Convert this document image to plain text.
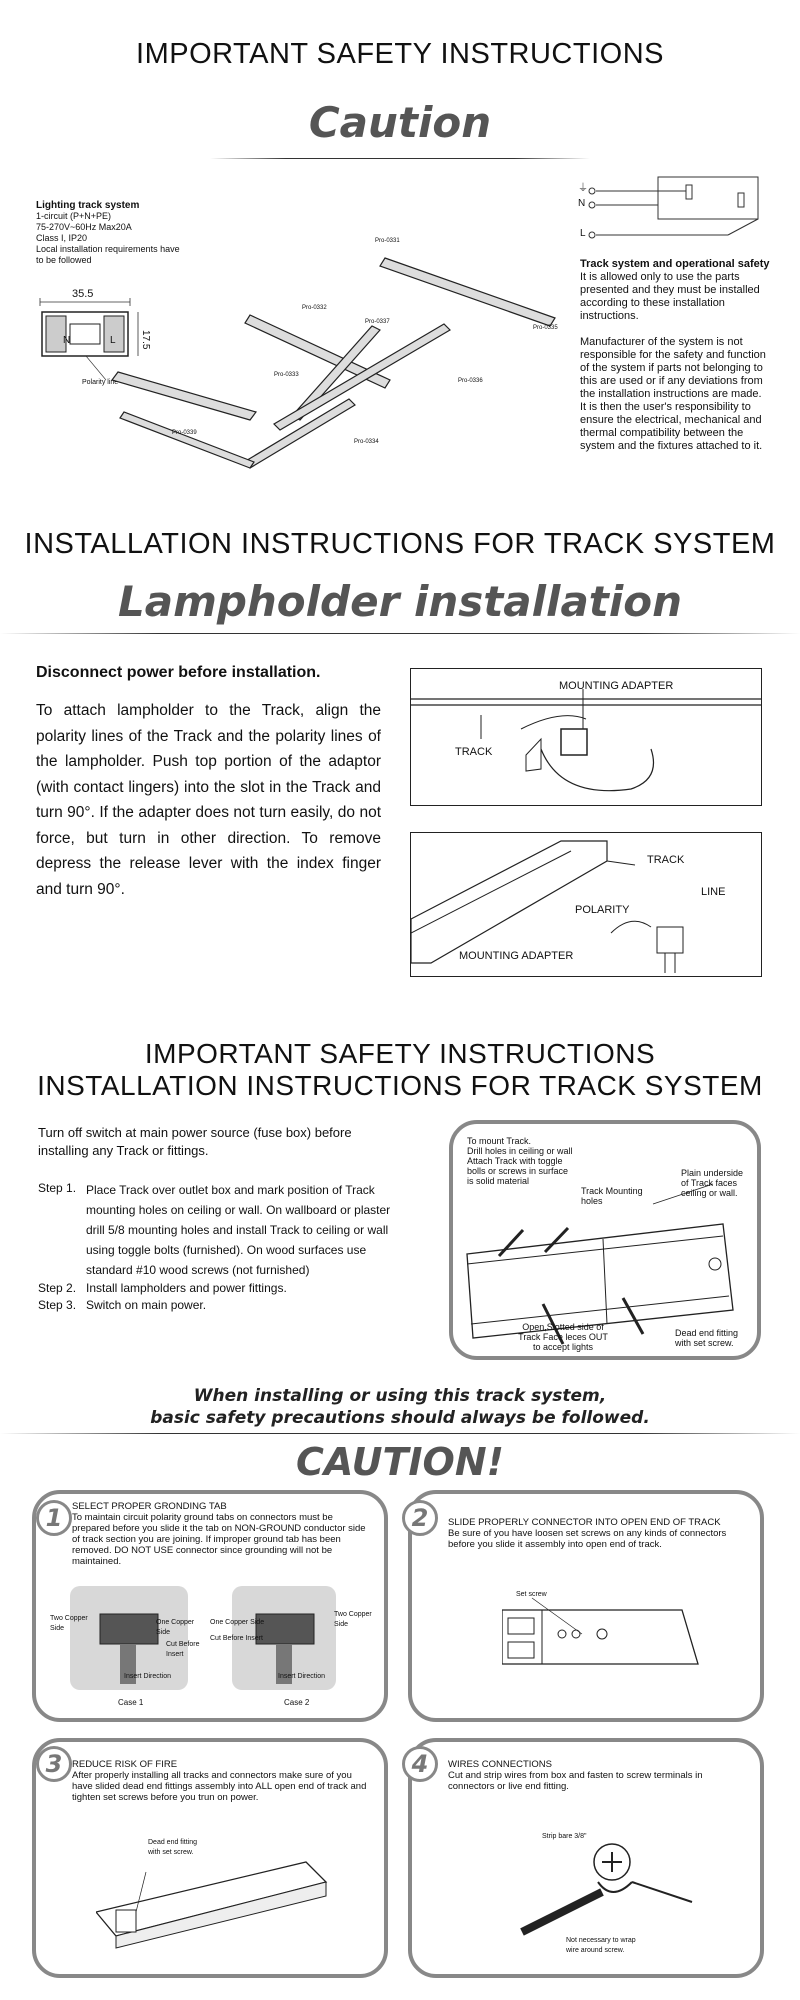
IMPORTANT SAFETY INSTRUCTIONS
Caution
Lighting track system
1-circuit (P+N+PE)
75-270V~60Hz Max20A
Class I, IP20
Local installation requirements have
to be followed
35.5
17.5
N	L
Polarity line
Pro-0331
Pro-0332
Pro-0337
Pro-0335
Pro-0333
Pro-0336
Pro-0339
Pro-0334
⏚
N
L
Track system and operational safety
It is allowed only to use the parts presented and they must be installed according to these installation instructions.
Manufacturer of the system is not responsible for the safety and function of the system if parts not belonging to this are used or if any deviations from the installation instructions are made. It is then the user's responsibility to ensure the electrical, mechanical and thermal compatibility between the system and the fixtures attached to it.
INSTALLATION INSTRUCTIONS FOR TRACK SYSTEM
Lampholder installation
Disconnect power before installation.
To attach lampholder to the Track, align the polarity lines of the Track and the polarity lines of the lampholder. Push top portion of the adaptor (with contact lingers) into the slot in the Track and turn 90°. If the adapter does not turn easily, do not force, but turn in other direction. To remove depress the release lever with the index finger and turn 90°.
MOUNTING ADAPTER
TRACK
TRACK
LINE
POLARITY
MOUNTING ADAPTER
IMPORTANT SAFETY INSTRUCTIONS
INSTALLATION INSTRUCTIONS FOR TRACK SYSTEM
Turn off switch at main power source (fuse box) before installing any Track or fittings.
Step 1. Place Track over outlet box and mark position of Track mounting holes on ceiling or wall. On wallboard or plaster drill 5/8 mounting holes and install Track to ceiling or wall using toggle bolts (furnished). On wood surfaces use standard #10 wood screws (not furnished)
Step 2. Install lampholders and power fittings.
Step 3. Switch on main power.
To mount Track.
Drill holes in ceiling or wall
Attach Track with toggle bolls or screws in surface is solid material
Track Mounting holes
Plain underside of Track faces ceiling or wall.
Open,Slotted side of Track Face leces OUT to accept lights
Dead end fitting with set screw.
When installing or using this track system,
basic safety precautions should always be followed.
CAUTION!
SELECT PROPER GRONDING TAB
To maintain circuit polarity ground tabs on connectors must be prepared before you slide it the tab on NON-GROUND conductor side of track section you are joining. If improper ground tab has been removed. DO NOT USE connector since grounding will not be maintained.
Two Copper Side
One Copper Side
Cut Before Insert
Insert Direction
Case 1
One Copper Side
Two Copper Side
Cut Before Insert
Insert Direction
Case 2
1	SLIDE PROPERLY CONNECTOR INTO OPEN END OF TRACK
Be sure of you have loosen set screws on any kinds of connectors before you slide it assembly into open end of track.
Set screw
2
REDUCE RISK OF FIRE
After properly installing all tracks and connectors make sure of you have slided dead end fittings assembly into ALL open end of track and tighten set screws before you trun on power.
Dead end fitting with set screw.
3	WIRES CONNECTIONS
Cut and strip wires from box and fasten to screw terminals in connectors or live end fitting.
Strip bare 3/8"
Not necessary to wrap wire around screw.
4
